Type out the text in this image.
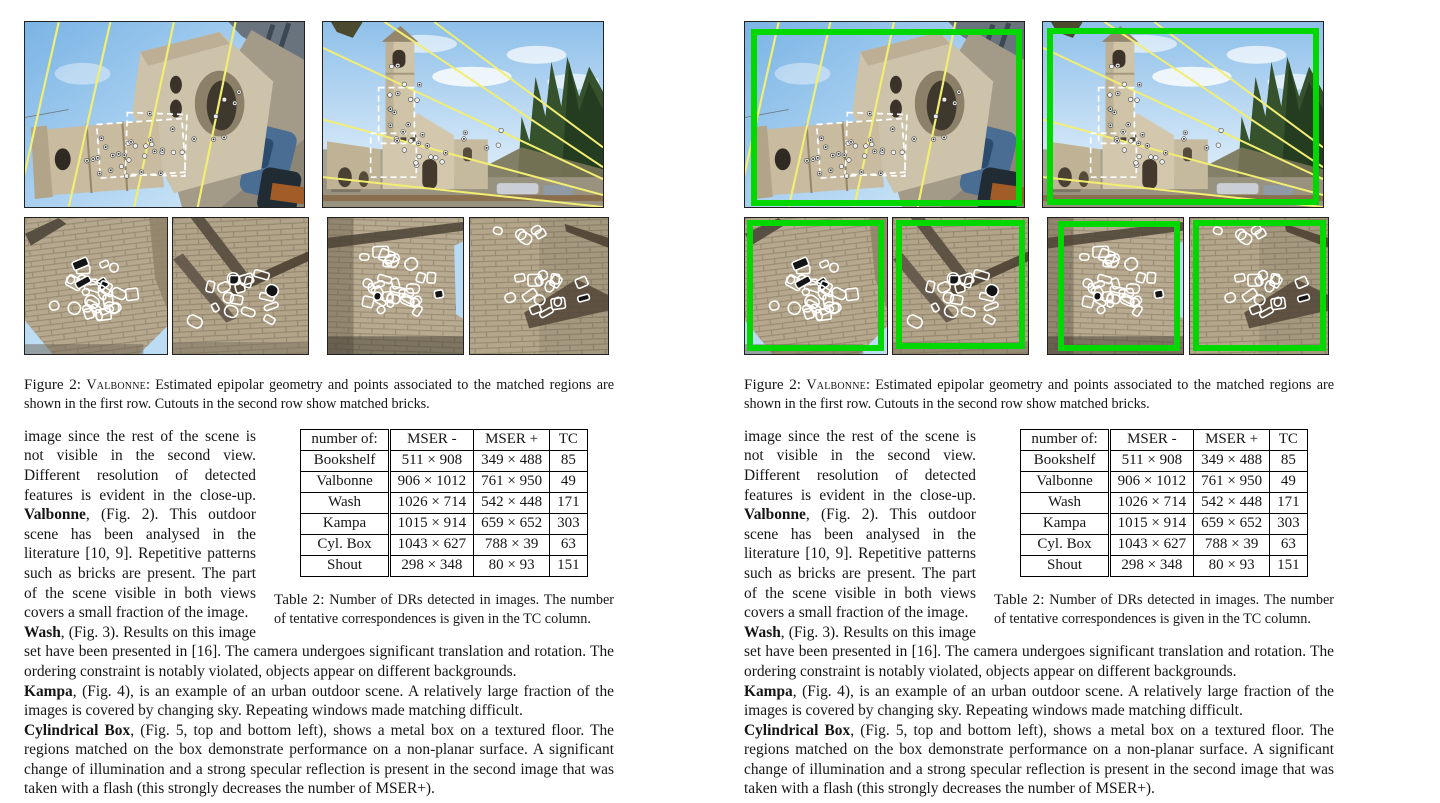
Figure 2: Valbonne: Estimated epipolar geometry and points associated to the matched regions are shown in the first row. Cutouts in the second row show matched bricks.

number of:	MSER -	MSER +	TC
Bookshelf	511 × 908	349 × 488	85
Valbonne	906 × 1012	761 × 950	49
Wash	1026 × 714	542 × 448	171
Kampa	1015 × 914	659 × 652	303
Cyl. Box	1043 × 627	788 × 39	63
Shout	298 × 348	80 × 93	151

Table 2: Number of DRs detected in images. The number of tentative correspondences is given in the TC column.

image since the rest of the scene is not visible in the second view. Different resolution of detected features is evident in the close-up. Valbonne, (Fig. 2). This outdoor scene has been analysed in the literature [10, 9]. Repetitive patterns such as bricks are present. The part of the scene visible in both views covers a small fraction of the image.

Wash, (Fig. 3). Results on this image set have been presented in [16]. The camera undergoes significant translation and rotation. The ordering constraint is notably violated, objects appear on different backgrounds.

Kampa, (Fig. 4), is an example of an urban outdoor scene. A relatively large fraction of the images is covered by changing sky. Repeating windows made matching difficult.

Cylindrical Box, (Fig. 5, top and bottom left), shows a metal box on a textured floor. The regions matched on the box demonstrate performance on a non-planar surface. A significant change of illumination and a strong specular reflection is present in the second image that was taken with a flash (this strongly decreases the number of MSER+).

Figure 2: Valbonne: Estimated epipolar geometry and points associated to the matched regions are shown in the first row. Cutouts in the second row show matched bricks.

number of:	MSER -	MSER +	TC
Bookshelf	511 × 908	349 × 488	85
Valbonne	906 × 1012	761 × 950	49
Wash	1026 × 714	542 × 448	171
Kampa	1015 × 914	659 × 652	303
Cyl. Box	1043 × 627	788 × 39	63
Shout	298 × 348	80 × 93	151

Table 2: Number of DRs detected in images. The number of tentative correspondences is given in the TC column.

image since the rest of the scene is not visible in the second view. Different resolution of detected features is evident in the close-up. Valbonne, (Fig. 2). This outdoor scene has been analysed in the literature [10, 9]. Repetitive patterns such as bricks are present. The part of the scene visible in both views covers a small fraction of the image.

Wash, (Fig. 3). Results on this image set have been presented in [16]. The camera undergoes significant translation and rotation. The ordering constraint is notably violated, objects appear on different backgrounds.

Kampa, (Fig. 4), is an example of an urban outdoor scene. A relatively large fraction of the images is covered by changing sky. Repeating windows made matching difficult.

Cylindrical Box, (Fig. 5, top and bottom left), shows a metal box on a textured floor. The regions matched on the box demonstrate performance on a non-planar surface. A significant change of illumination and a strong specular reflection is present in the second image that was taken with a flash (this strongly decreases the number of MSER+).
